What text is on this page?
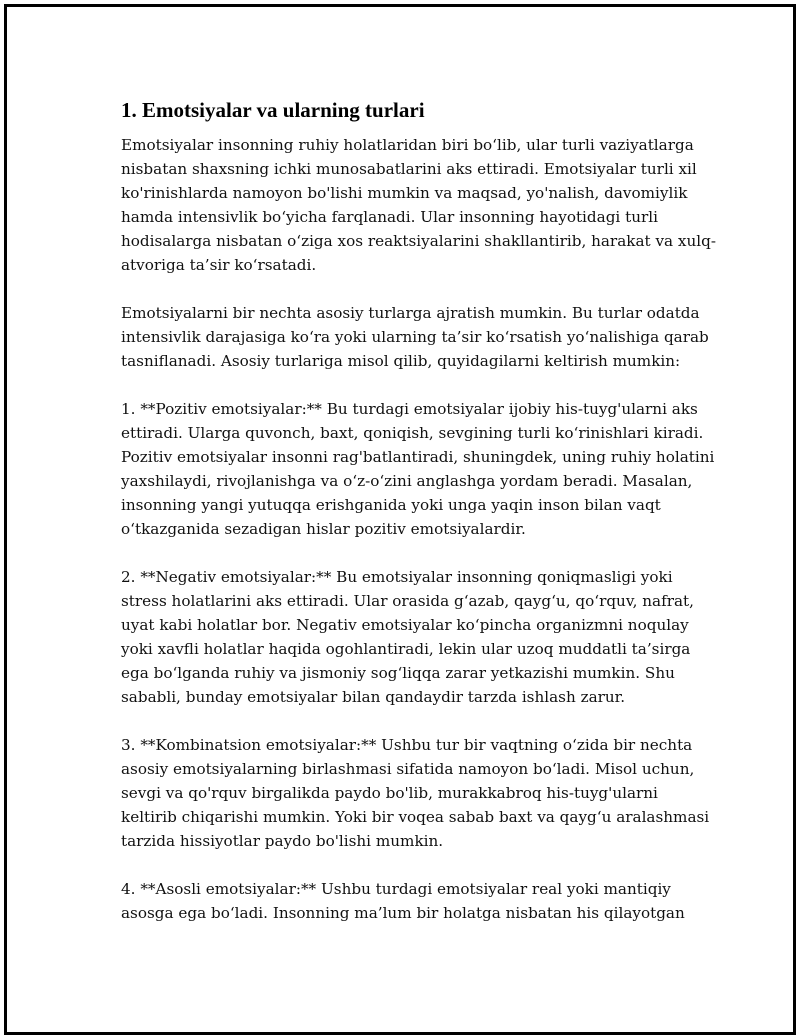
1. Emotsiyalar va ularning turlari
Emotsiyalar insonning ruhiy holatlaridan biri bo‘lib, ular turli vaziyatlarga
nisbatan shaxsning ichki munosabatlarini aks ettiradi. Emotsiyalar turli xil
ko'rinishlarda namoyon bo'lishi mumkin va maqsad, yo'nalish, davomiylik
hamda intensivlik bo‘yicha farqlanadi. Ular insonning hayotidagi turli
hodisalarga nisbatan o‘ziga xos reaktsiyalarini shakllantirib, harakat va xulq-
atvoriga ta’sir ko‘rsatadi.
Emotsiyalarni bir nechta asosiy turlarga ajratish mumkin. Bu turlar odatda
intensivlik darajasiga ko‘ra yoki ularning ta’sir ko‘rsatish yo‘nalishiga qarab
tasniflanadi. Asosiy turlariga misol qilib, quyidagilarni keltirish mumkin:
1. **Pozitiv emotsiyalar:** Bu turdagi emotsiyalar ijobiy his-tuyg'ularni aks
ettiradi. Ularga quvonch, baxt, qoniqish, sevgining turli ko‘rinishlari kiradi.
Pozitiv emotsiyalar insonni rag'batlantiradi, shuningdek, uning ruhiy holatini
yaxshilaydi, rivojlanishga va o‘z-o‘zini anglashga yordam beradi. Masalan,
insonning yangi yutuqqa erishganida yoki unga yaqin inson bilan vaqt
o‘tkazganida sezadigan hislar pozitiv emotsiyalardir.
2. **Negativ emotsiyalar:** Bu emotsiyalar insonning qoniqmasligi yoki
stress holatlarini aks ettiradi. Ular orasida g‘azab, qayg‘u, qo‘rquv, nafrat,
uyat kabi holatlar bor. Negativ emotsiyalar ko‘pincha organizmni noqulay
yoki xavfli holatlar haqida ogohlantiradi, lekin ular uzoq muddatli ta’sirga
ega bo‘lganda ruhiy va jismoniy sog‘liqqa zarar yetkazishi mumkin. Shu
sababli, bunday emotsiyalar bilan qandaydir tarzda ishlash zarur.
3. **Kombinatsion emotsiyalar:** Ushbu tur bir vaqtning o‘zida bir nechta
asosiy emotsiyalarning birlashmasi sifatida namoyon bo‘ladi. Misol uchun,
sevgi va qo'rquv birgalikda paydo bo'lib, murakkabroq his-tuyg'ularni
keltirib chiqarishi mumkin. Yoki bir voqea sabab baxt va qayg‘u aralashmasi
tarzida hissiyotlar paydo bo'lishi mumkin.
4. **Asosli emotsiyalar:** Ushbu turdagi emotsiyalar real yoki mantiqiy
asosga ega bo‘ladi. Insonning ma’lum bir holatga nisbatan his qilayotgan
